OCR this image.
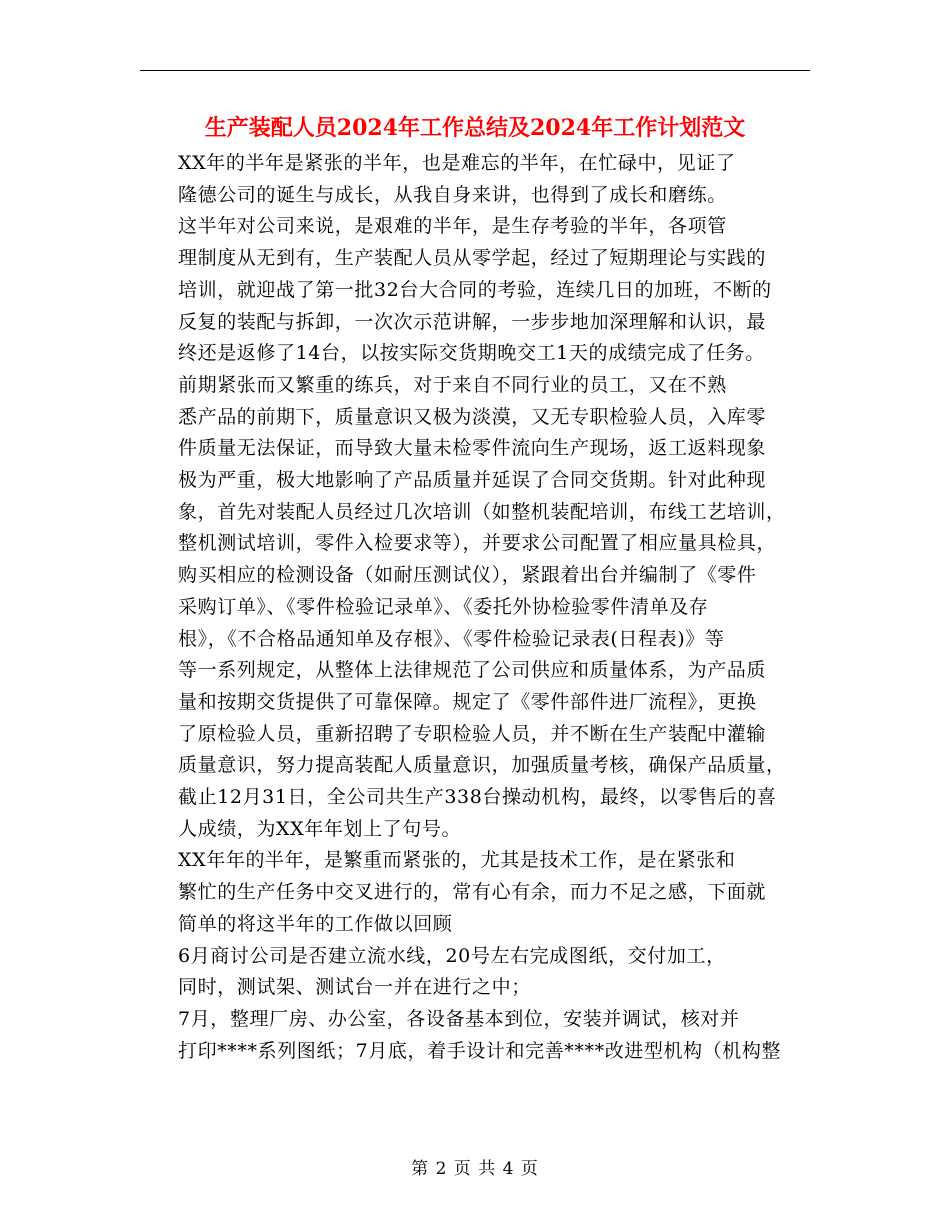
生产装配人员2024年工作总结及2024年工作计划范文

XX年的半年是紧张的半年，也是难忘的半年，在忙碌中，见证了
隆德公司的诞生与成长，从我自身来讲，也得到了成长和磨练。

这半年对公司来说，是艰难的半年，是生存考验的半年，各项管
理制度从无到有，生产装配人员从零学起，经过了短期理论与实践的
培训，就迎战了第一批32台大合同的考验，连续几日的加班，不断的
反复的装配与拆卸，一次次示范讲解，一步步地加深理解和认识，最
终还是返修了14台，以按实际交货期晚交工1天的成绩完成了任务。

前期紧张而又繁重的练兵，对于来自不同行业的员工，又在不熟
悉产品的前期下，质量意识又极为淡漠，又无专职检验人员，入库零
件质量无法保证，而导致大量未检零件流向生产现场，返工返料现象
极为严重，极大地影响了产品质量并延误了合同交货期。针对此种现
象，首先对装配人员经过几次培训（如整机装配培训，布线工艺培训，
整机测试培训，零件入检要求等），并要求公司配置了相应量具检具，
购买相应的检测设备（如耐压测试仪），紧跟着出台并编制了《零件
采购订单》、《零件检验记录单》、《委托外协检验零件清单及存
根》，《不合格品通知单及存根》、《零件检验记录表(日程表)》等
等一系列规定，从整体上法律规范了公司供应和质量体系，为产品质
量和按期交货提供了可靠保障。规定了《零件部件进厂流程》，更换
了原检验人员，重新招聘了专职检验人员，并不断在生产装配中灌输
质量意识，努力提高装配人质量意识，加强质量考核，确保产品质量，
截止12月31日，全公司共生产338台操动机构，最终，以零售后的喜
人成绩，为XX年年划上了句号。

XX年年的半年，是繁重而紧张的，尤其是技术工作，是在紧张和
繁忙的生产任务中交叉进行的，常有心有余，而力不足之感，下面就
简单的将这半年的工作做以回顾

6月商讨公司是否建立流水线，20号左右完成图纸，交付加工，
同时，测试架、测试台一并在进行之中；

7月，整理厂房、办公室，各设备基本到位，安装并调试，核对并
打印****系列图纸；7月底，着手设计和完善****改进型机构（机构整

第 2 页 共 4 页
